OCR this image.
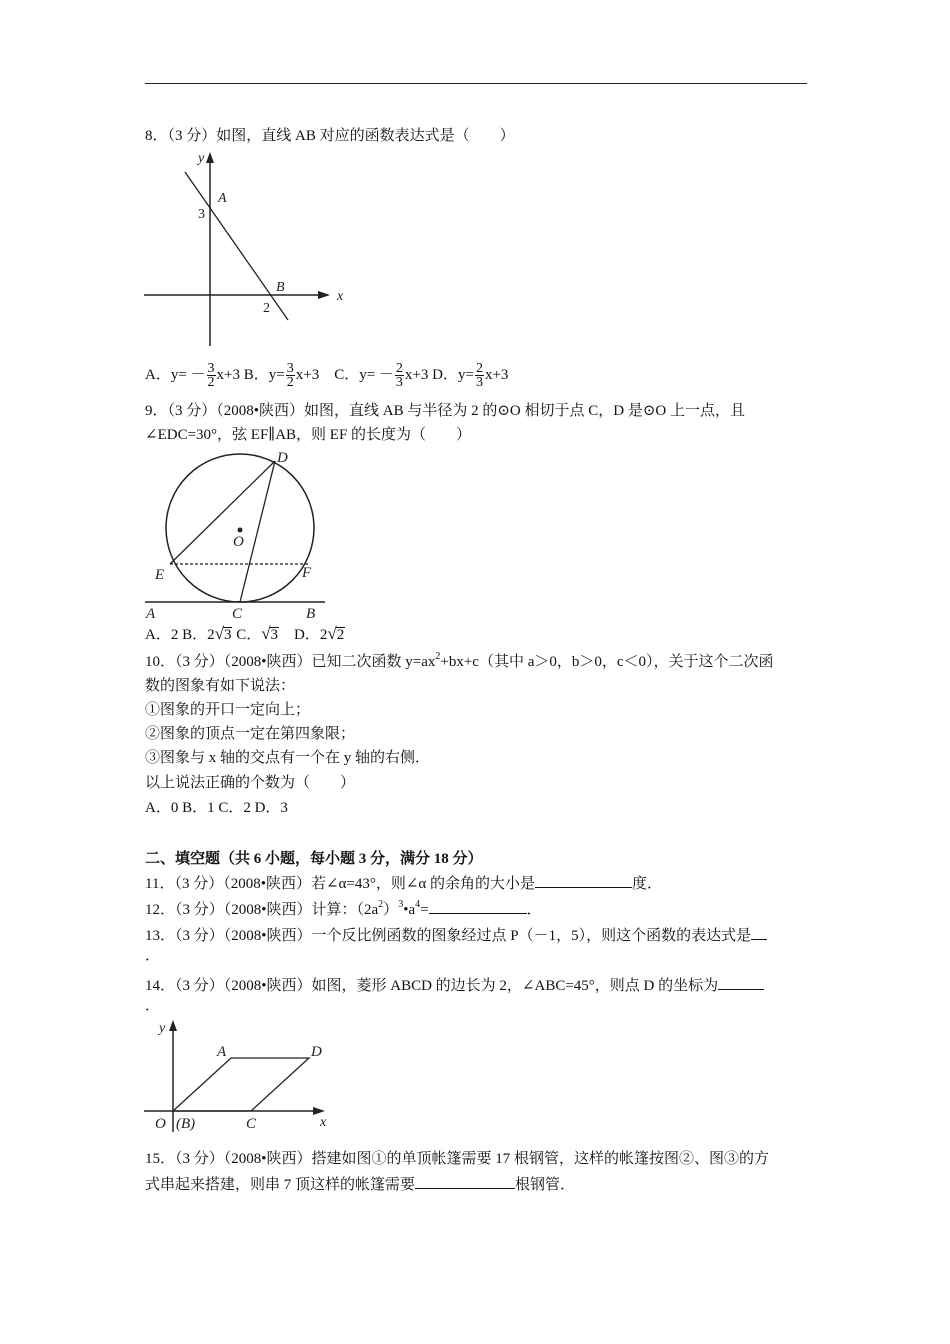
8．（3 分）如图，直线 AB 对应的函数表达式是（　　）
y
x
A
3
B
2
A．$y= - \frac{3}{2} x+3$ B．$y= \frac{3}{2} x+3$　C．$y= - \frac{2}{3} x+3$ D．$y= \frac{2}{3} x+3$
9．（3 分）（2008•陕西）如图，直线 AB 与半径为 2 的⊙O 相切于点 C，D 是⊙O 上一点，且
∠EDC=30°，弦 EF∥AB，则 EF 的长度为（　　）
D
O
E	F
A	C	B
A．2 B．2√3 C．√3　D．2√2
10．（3 分）（2008•陕西）已知二次函数 $y=ax^2+bx+c$（其中 a＞0，b＞0，c＜0），关于这个二次函
数的图象有如下说法：
①图象的开口一定向上；
②图象的顶点一定在第四象限；
③图象与 x 轴的交点有一个在 y 轴的右侧．
以上说法正确的个数为（　　）
A．0 B．1 C．2 D．3
二、填空题（共 6 小题，每小题 3 分，满分 18 分）
11．（3 分）（2008•陕西）若∠α=43°，则∠α 的余角的大小是	度．
12．（3 分）（2008•陕西）计算：$(2a^2)^3•a^4=$	．
13．（3 分）（2008•陕西）一个反比例函数的图象经过点 P（－1，5），则这个函数的表达式是
．
14．（3 分）（2008•陕西）如图，菱形 ABCD 的边长为 2，∠ABC=45°，则点 D 的坐标为
．
y
x
A	D
O (B)	C
15．（3 分）（2008•陕西）搭建如图①的单顶帐篷需要 17 根钢管，这样的帐篷按图②、图③的方
式串起来搭建，则串 7 顶这样的帐篷需要	根钢管．
